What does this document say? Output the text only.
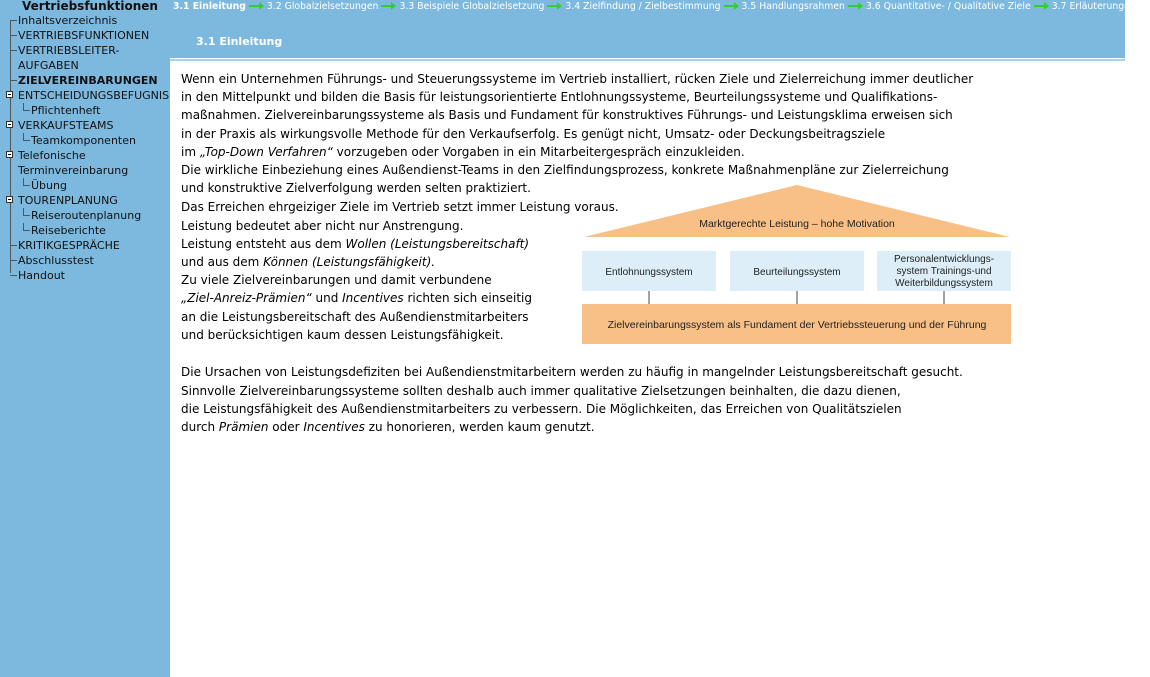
Vertriebsfunktionen
Inhaltsverzeichnis
VERTRIEBSFUNKTIONEN
VERTRIEBSLEITER-
AUFGABEN
ZIELVEREINBARUNGEN
ENTSCHEIDUNGSBEFUGNIS
Pflichtenheft
VERKAUFSTEAMS
Teamkomponenten
Telefonische
Terminvereinbarung
Übung
TOURENPLANUNG
Reiseroutenplanung
Reiseberichte
KRITIKGESPRÄCHE
Abschlusstest
Handout
3.1 Einleitung 3.2 Globalzielsetzungen 3.3 Beispiele Globalzielsetzung 3.4 Zielfindung / Zielbestimmung 3.5 Handlungsrahmen 3.6 Quantitative- / Qualitative Ziele 3.7 Erläuterungen zu
3.1 Einleitung

Wenn ein Unternehmen Führungs- und Steuerungssysteme im Vertrieb installiert, rücken Ziele und Zielerreichung immer deutlicher
in den Mittelpunkt und bilden die Basis für leistungsorientierte Entlohnungssysteme, Beurteilungssysteme und Qualifikations-
maßnahmen. Zielvereinbarungssysteme als Basis und Fundament für konstruktives Führungs- und Leistungsklima erweisen sich
in der Praxis als wirkungsvolle Methode für den Verkaufserfolg. Es genügt nicht, Umsatz- oder Deckungsbeitragsziele
im „Top-Down Verfahren“ vorzugeben oder Vorgaben in ein Mitarbeitergespräch einzukleiden.
Die wirkliche Einbeziehung eines Außendienst-Teams in den Zielfindungsprozess, konkrete Maßnahmenpläne zur Zielerreichung
und konstruktive Zielverfolgung werden selten praktiziert.

Das Erreichen ehrgeiziger Ziele im Vertrieb setzt immer Leistung voraus.
Leistung bedeutet aber nicht nur Anstrengung.
Leistung entsteht aus dem Wollen (Leistungsbereitschaft)
und aus dem Können (Leistungsfähigkeit).
Zu viele Zielvereinbarungen und damit verbundene
„Ziel-Anreiz-Prämien“ und Incentives richten sich einseitig
an die Leistungsbereitschaft des Außendienstmitarbeiters
und berücksichtigen kaum dessen Leistungsfähigkeit.
Marktgerechte Leistung – hohe Motivation
Entlohnungssystem	Beurteilungssystem
Personalentwicklungs-
system Trainings-und
Weiterbildungssystem
Zielvereinbarungssystem als Fundament der Vertriebssteuerung und der Führung

Die Ursachen von Leistungsdefiziten bei Außendienstmitarbeitern werden zu häufig in mangelnder Leistungsbereitschaft gesucht.
Sinnvolle Zielvereinbarungssysteme sollten deshalb auch immer qualitative Zielsetzungen beinhalten, die dazu dienen,
die Leistungsfähigkeit des Außendienstmitarbeiters zu verbessern. Die Möglichkeiten, das Erreichen von Qualitätszielen
durch Prämien oder Incentives zu honorieren, werden kaum genutzt.
